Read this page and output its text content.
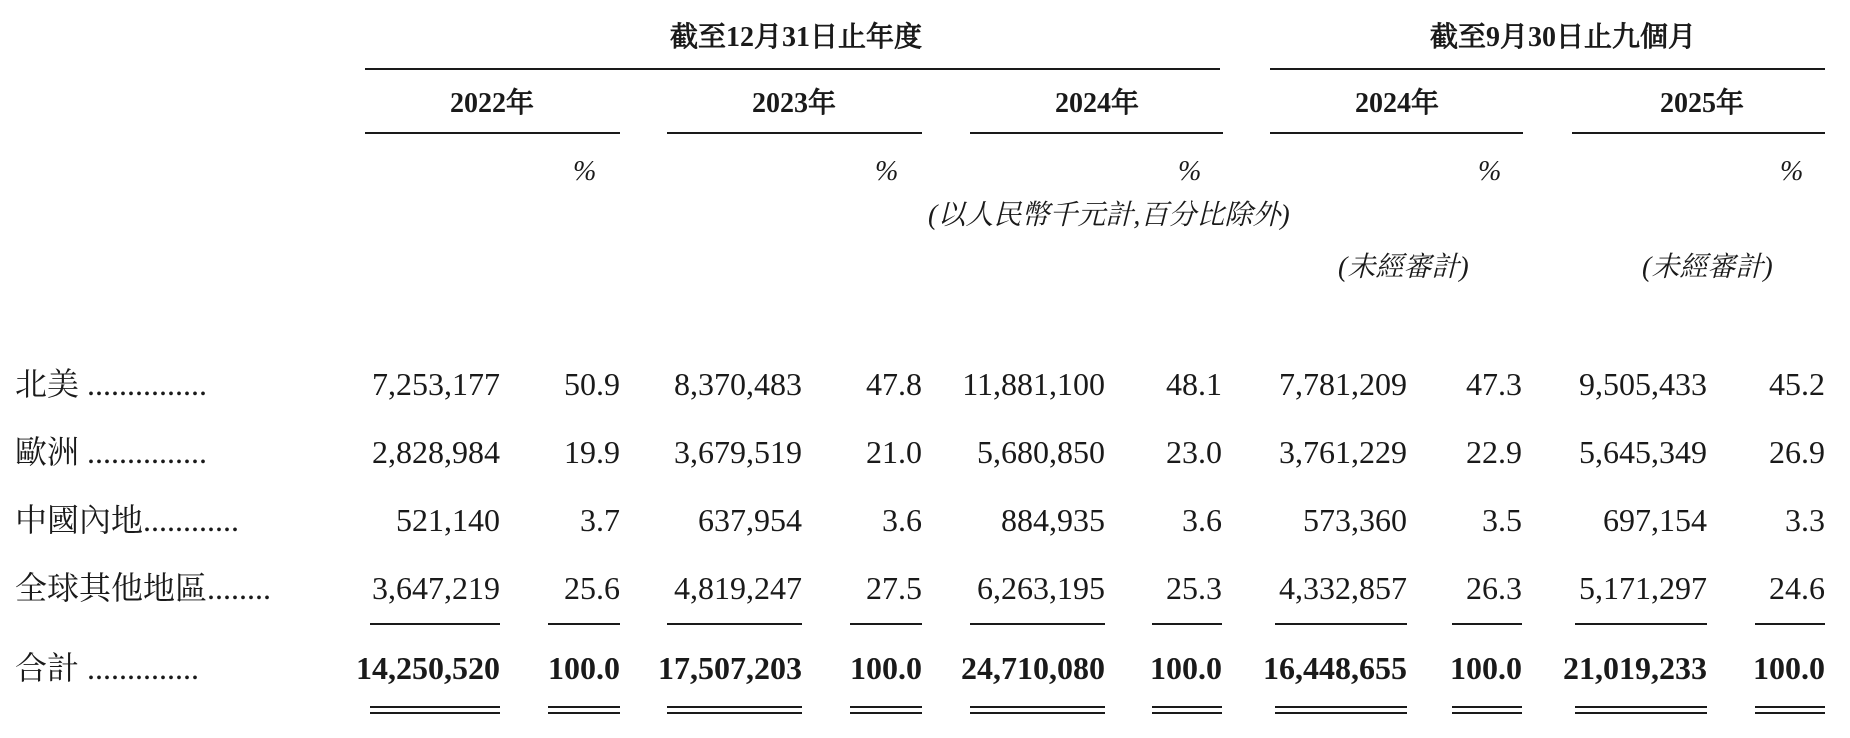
截至12月31日止年度	截至9月30日止九個月
2022年	2023年	2024年	2024年	2025年
%	%	%	%	%
(以人民幣千元計,百分比除外)
(未經審計)	(未經審計)
北美 ...............	7,253,177	50.9	8,370,483	47.8	11,881,100	48.1	7,781,209	47.3	9,505,433	45.2
歐洲 ...............	2,828,984	19.9	3,679,519	21.0	5,680,850	23.0	3,761,229	22.9	5,645,349	26.9
中國內地............	521,140	3.7	637,954	3.6	884,935	3.6	573,360	3.5	697,154	3.3
全球其他地區........	3,647,219	25.6	4,819,247	27.5	6,263,195	25.3	4,332,857	26.3	5,171,297	24.6
合計 ..............	14,250,520	100.0	17,507,203	100.0	24,710,080	100.0	16,448,655	100.0	21,019,233	100.0
